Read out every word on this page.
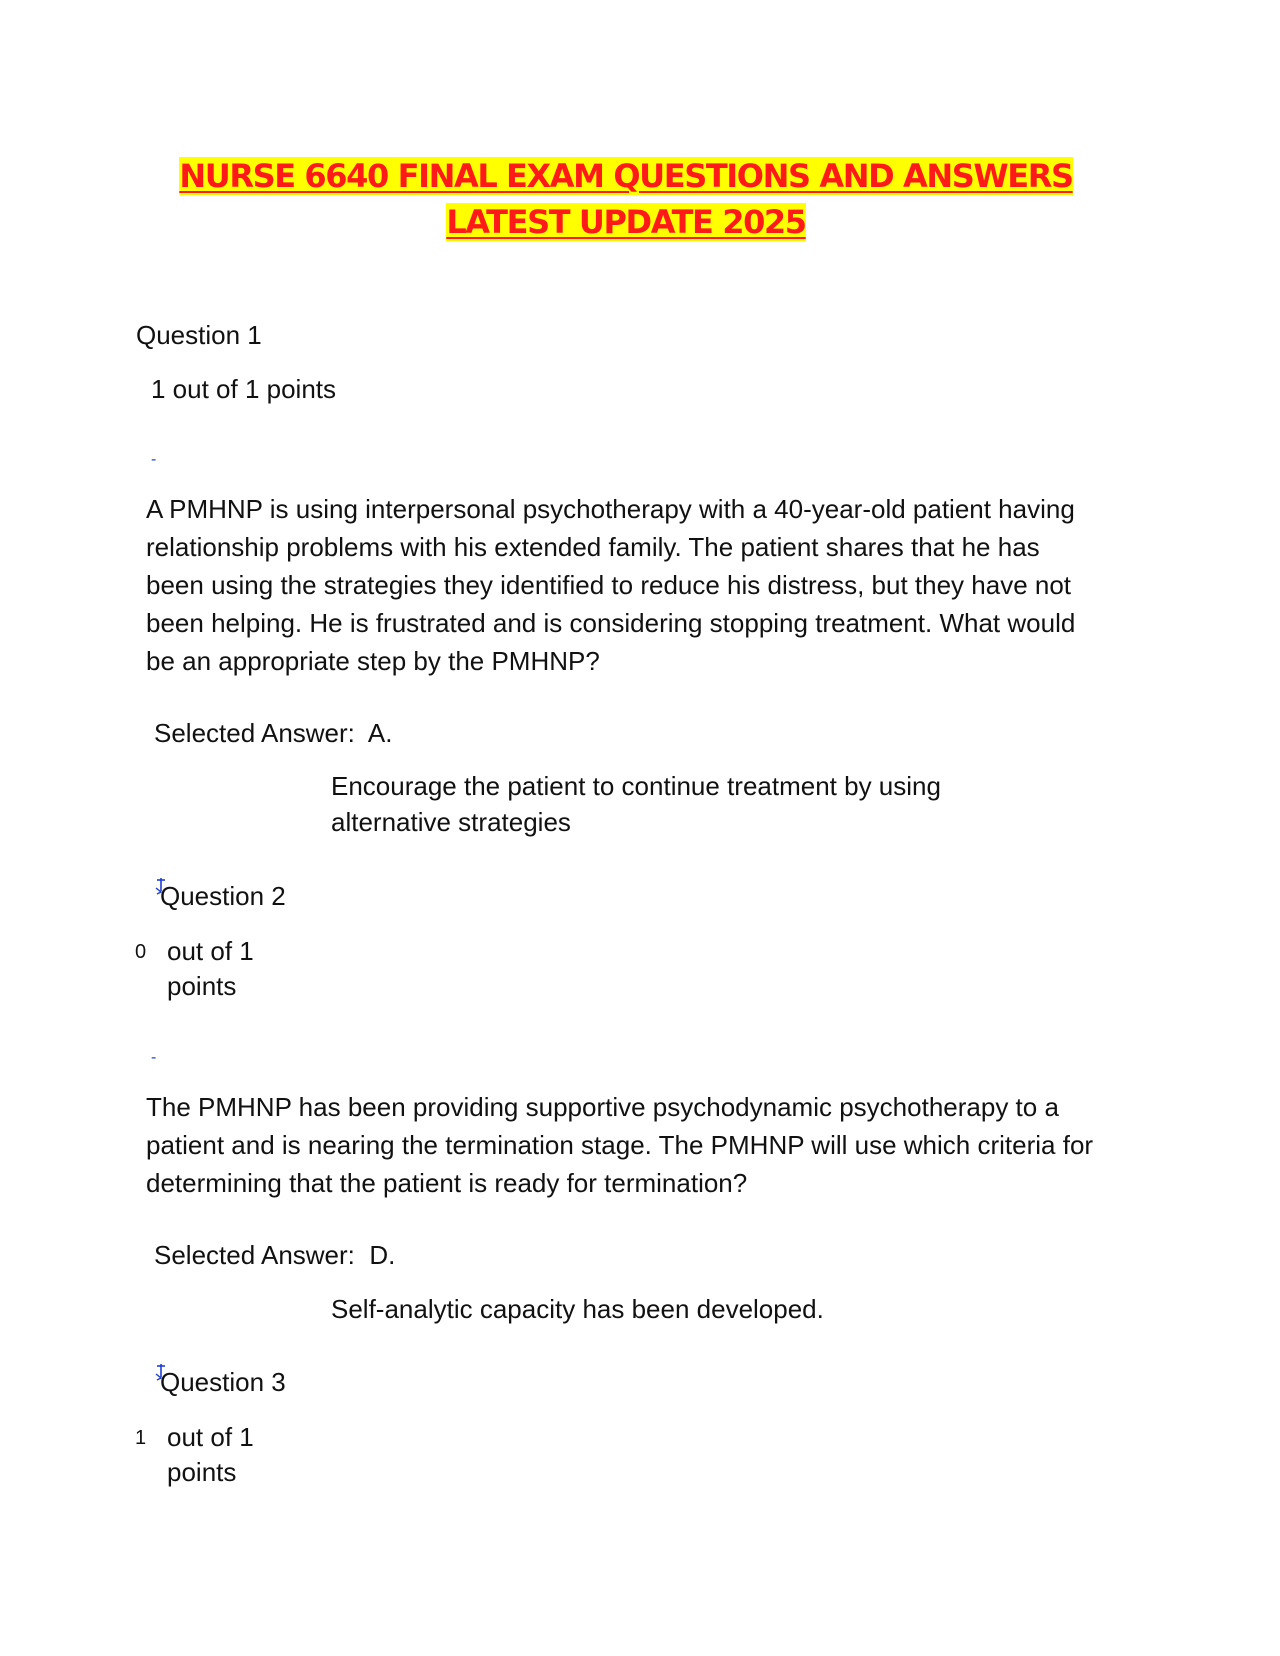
NURSE 6640 FINAL EXAM QUESTIONS AND ANSWERS
LATEST UPDATE 2025

Question 1

1 out of 1 points

-

A PMHNP is using interpersonal psychotherapy with a 40-year-old patient having relationship problems with his extended family. The patient shares that he has been using the strategies they identified to reduce his distress, but they have not been helping. He is frustrated and is considering stopping treatment. What would be an appropriate step by the PMHNP?

Selected Answer: A.

Encourage the patient to continue treatment by using alternative strategies

Question 2

0 out of 1

points

-

The PMHNP has been providing supportive psychodynamic psychotherapy to a patient and is nearing the termination stage. The PMHNP will use which criteria for determining that the patient is ready for termination?

Selected Answer: D.

Self-analytic capacity has been developed.

Question 3

1 out of 1

points
